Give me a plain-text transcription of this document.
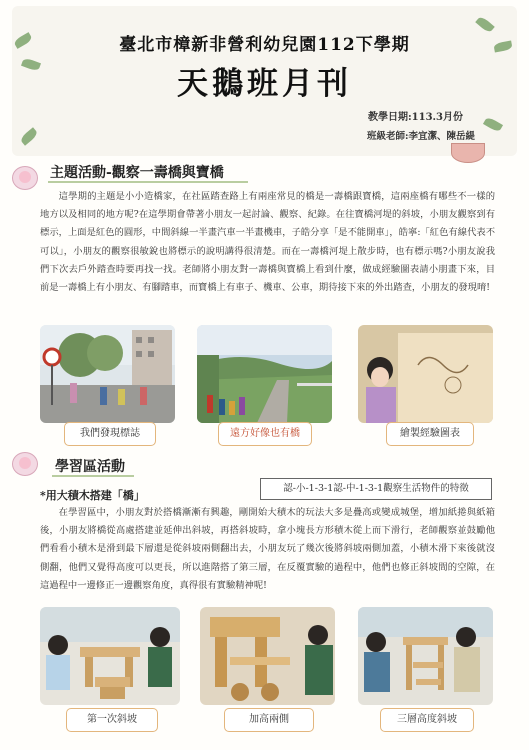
臺北市樟新非營利幼兒園112下學期
天鵝班月刊
教學日期:113.3月份
班級老師:李宜潔、陳岳緹
主題活動-觀察一壽橋與寶橋
這學期的主題是小小造橋家，在社區踏查路上有兩座常見的橋是一壽橋跟寶橋，這兩座橋有哪些不一樣的地方以及相同的地方呢?在這學期會帶著小朋友一起討論、觀察、紀錄。在往寶橋河堤的斜坡，小朋友觀察到有標示，上面是紅色的圓形，中間斜線一半畫汽車一半畫機車，子皓分享「是不能開車」，皓寧:「紅色有線代表不可以」，小朋友的觀察很敏銳也將標示的說明講得很清楚。而在一壽橋河堤上散步時，也有標示嗎?小朋友說我們下次去戶外踏查時要再找一找。老師將小朋友對一壽橋與寶橋上看到什麼，做成經驗圖表請小朋畫下來，目前是一壽橋上有小朋友、有腳踏車，而寶橋上有車子、機車、公車，期待接下來的外出踏查，小朋友的發現唷!
我們發現標誌	遠方好像也有橋	繪製經驗圖表
學習區活動
認-小-1-3-1認-中-1-3-1觀察生活物件的特徵
*用大積木搭建「橋」
在學習區中，小朋友對於搭橋漸漸有興趣，剛開始大積木的玩法大多是疊高或變成城堡，增加紙捲與紙箱後，小朋友將橋從高處搭建並延伸出斜坡，再搭斜坡時，拿小塊長方形積木從上而下滑行，老師觀察並鼓勵他們看看小積木是滑到最下層還是從斜坡兩側翻出去，小朋友玩了幾次後將斜坡兩側加蓋，小積木滑下來後就沒側翻，他們又覺得高度可以更長，所以進階搭了第三層，在反覆實驗的過程中，他們也修正斜坡間的空隙，在這過程中一邊修正一邊觀察角度，真得很有實驗精神呢!
第一次斜坡	加高兩側	三層高度斜坡
